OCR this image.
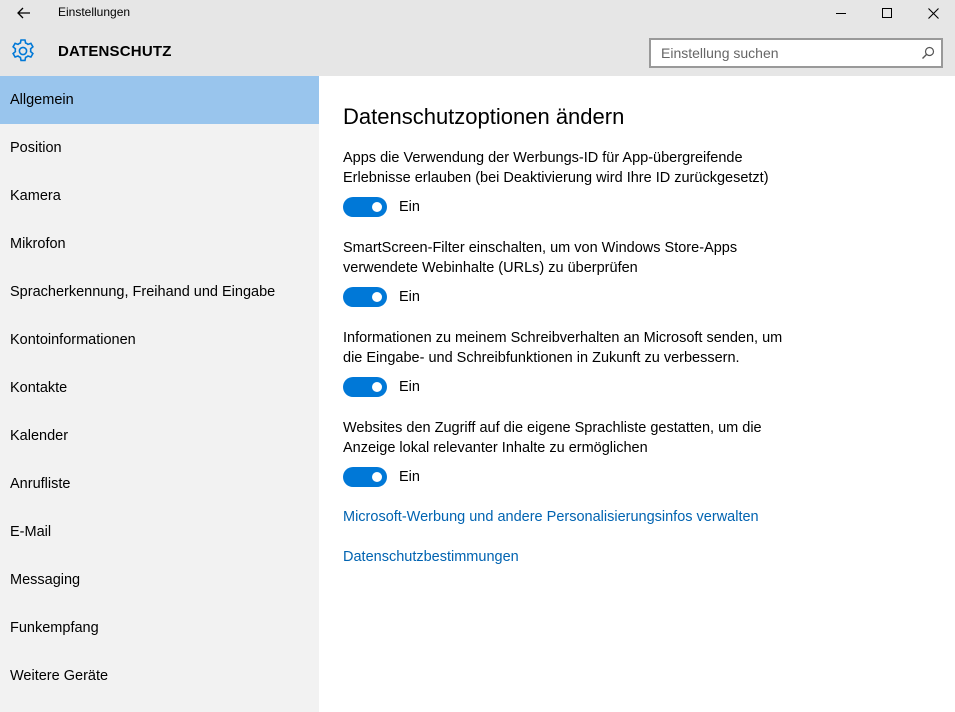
Einstellungen
DATENSCHUTZ
Einstellung suchen
Allgemein
Position
Kamera
Mikrofon
Spracherkennung, Freihand und Eingabe
Kontoinformationen
Kontakte
Kalender
Anrufliste
E-Mail
Messaging
Funkempfang
Weitere Geräte
Datenschutzoptionen ändern
Apps die Verwendung der Werbungs-ID für App-übergreifende Erlebnisse erlauben (bei Deaktivierung wird Ihre ID zurückgesetzt)
Ein
SmartScreen-Filter einschalten, um von Windows Store-Apps verwendete Webinhalte (URLs) zu überprüfen
Ein
Informationen zu meinem Schreibverhalten an Microsoft senden, um die Eingabe- und Schreibfunktionen in Zukunft zu verbessern.
Ein
Websites den Zugriff auf die eigene Sprachliste gestatten, um die Anzeige lokal relevanter Inhalte zu ermöglichen
Ein
Microsoft-Werbung und andere Personalisierungsinfos verwalten
Datenschutzbestimmungen
